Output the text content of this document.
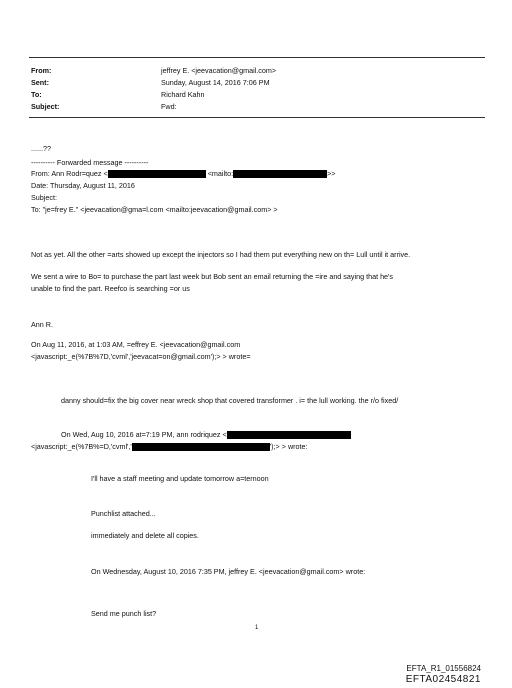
From:	jeffrey E. <jeevacation@gmail.com>
Sent:	Sunday, August 14, 2016 7:06 PM
To:	Richard Kahn
Subject:	Fwd:
......??
---------- Forwarded message ----------
From: Ann Rodr=quez <	<mailto:	>>
Date: Thursday, August 11, 2016
Subject:
To: "je=frey E." <jeevacation@gma=l.com <mailto:jeevacation@gmail.com> >
Not as yet. All the other =arts showed up except the injectors so I had them put everything new on th= Lull until it arrive.
We sent a wire to Bo= to purchase the part last week but Bob sent an email returning the =ire and saying that he's
unable to find the part. Reefco is searching =or us
Ann R.
On Aug 11, 2016, at 1:03 AM, =effrey E. <jeevacation@gmail.com
<javascript:_e(%7B%7D,'cvml','jeevacat=on@gmail.com');> > wrote=
danny should=fix the big cover near wreck shop that covered transformer . i= the lull working. the r/o fixed/
On Wed, Aug 10, 2016 at=7:19 PM, ann rodriquez <
<javascript:_e(%7B%=D,'cvml','	');> > wrote:
I'll have a staff meeting and update tomorrow a=ternoon
Punchlist attached...
immediately and delete all copies.
On Wednesday, August 10, 2016 7:35 PM, jeffrey E. <jeevacation@gmail.com> wrote:
Send me punch list?
1
EFTA_R1_01556824
EFTA02454821
